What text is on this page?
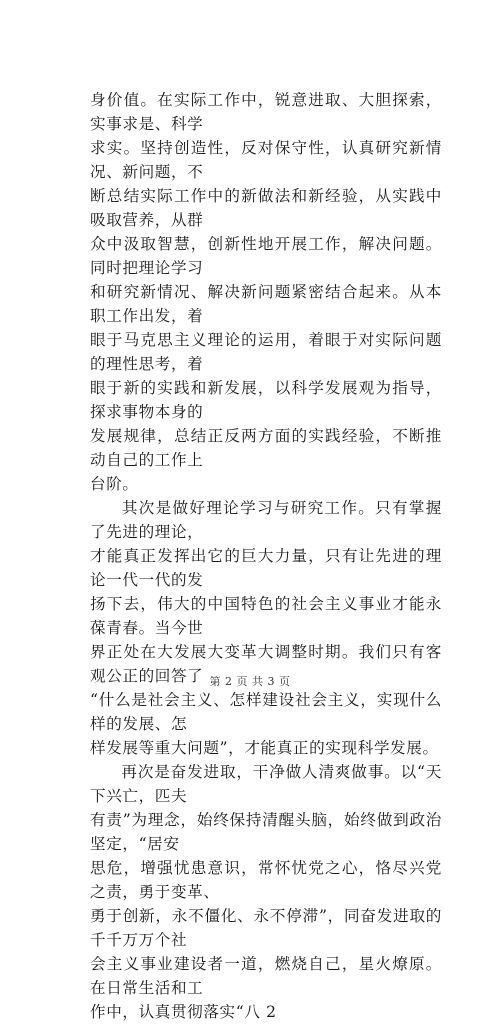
身价值。在实际工作中，锐意进取、大胆探索，实事求是、科学
求实。坚持创造性，反对保守性，认真研究新情况、新问题，不
断总结实际工作中的新做法和新经验，从实践中吸取营养，从群
众中汲取智慧，创新性地开展工作，解决问题。同时把理论学习
和研究新情况、解决新问题紧密结合起来。从本职工作出发，着
眼于马克思主义理论的运用，着眼于对实际问题的理性思考，着
眼于新的实践和新发展，以科学发展观为指导，探求事物本身的
发展规律，总结正反两方面的实践经验，不断推动自己的工作上
台阶。

其次是做好理论学习与研究工作。只有掌握了先进的理论，
才能真正发挥出它的巨大力量，只有让先进的理论一代一代的发
扬下去，伟大的中国特色的社会主义事业才能永葆青春。当今世
界正处在大发展大变革大调整时期。我们只有客观公正的回答了
“什么是社会主义、怎样建设社会主义，实现什么样的发展、怎
样发展等重大问题”，才能真正的实现科学发展。

再次是奋发进取，干净做人清爽做事。以“天下兴亡，匹夫
有责”为理念，始终保持清醒头脑，始终做到政治坚定，“居安
思危，增强忧患意识，常怀忧党之心，恪尽兴党之责，勇于变革、
勇于创新，永不僵化、永不停滞”，同奋发进取的千千万万个社
会主义事业建设者一道，燃烧自己，星火燎原。在日常生活和工
作中，认真贯彻落实“八 2

第 2 页 共 3 页
